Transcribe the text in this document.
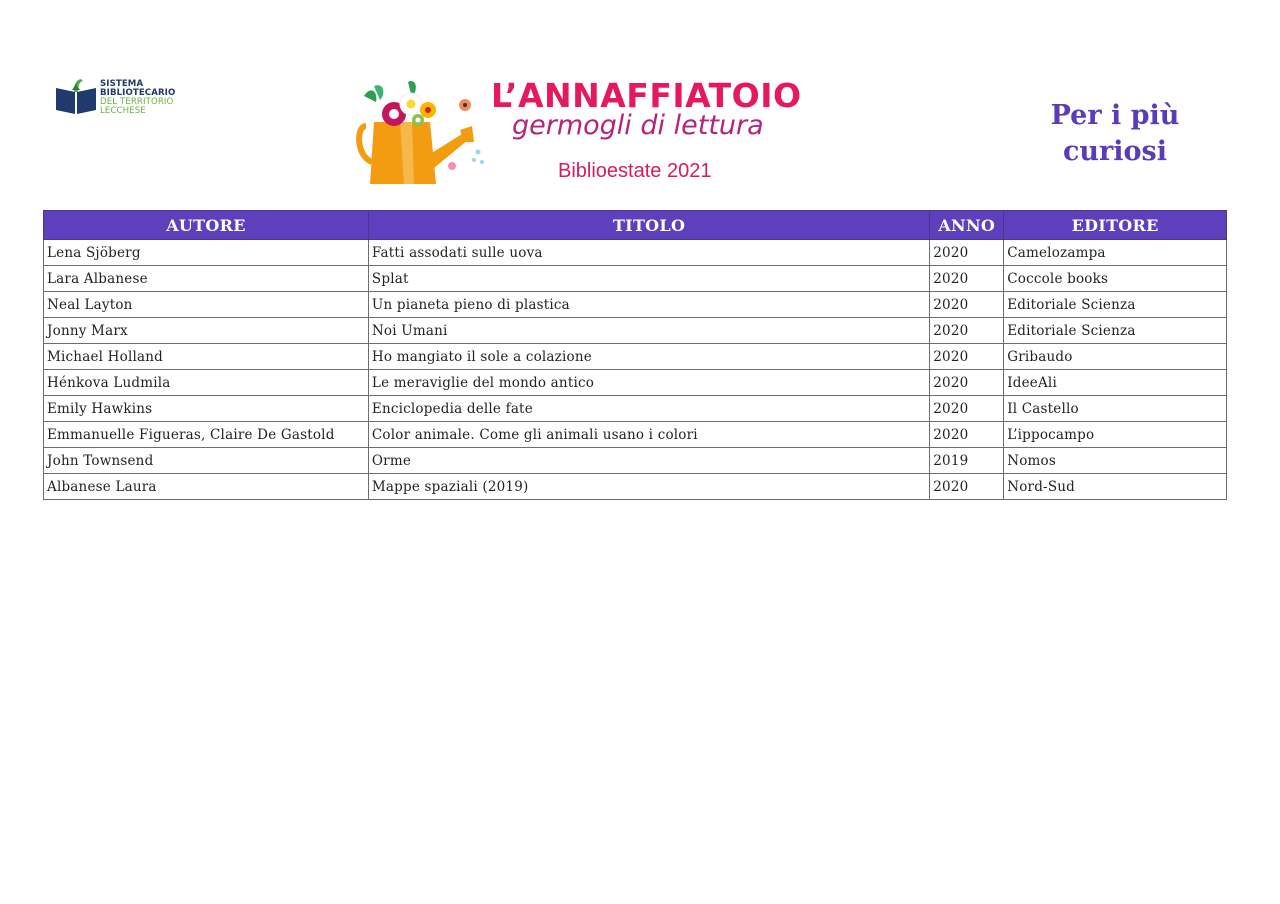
SISTEMA
BIBLIOTECARIO
DEL TERRITORIO
LECCHESE	L’ANNAFFIATOIO
germogli di lettura
Biblioestate 2021
Per i più curiosi
AUTORE	TITOLO	ANNO	EDITORE
Lena Sjöberg	Fatti assodati sulle uova	2020	Camelozampa
Lara Albanese	Splat	2020	Coccole books
Neal Layton	Un pianeta pieno di plastica	2020	Editoriale Scienza
Jonny Marx	Noi Umani	2020	Editoriale Scienza
Michael Holland	Ho mangiato il sole a colazione	2020	Gribaudo
Hénkova Ludmila	Le meraviglie del mondo antico	2020	IdeeAli
Emily Hawkins	Enciclopedia delle fate	2020	Il Castello
Emmanuelle Figueras, Claire De Gastold	Color animale. Come gli animali usano i colori	2020	L’ippocampo
John Townsend	Orme	2019	Nomos
Albanese Laura	Mappe spaziali (2019)	2020	Nord-Sud
